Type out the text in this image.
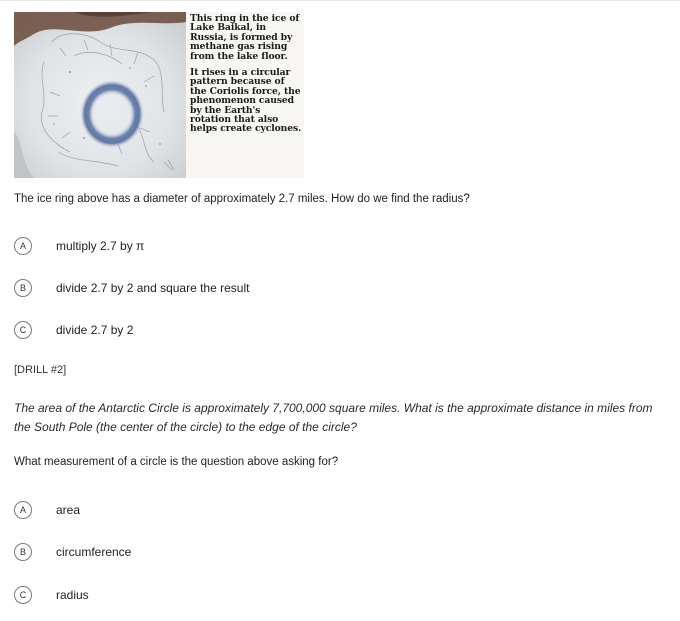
This ring in the ice of Lake Baikal, in Russia, is formed by methane gas rising from the lake floor.

It rises in a circular pattern because of the Coriolis force, the phenomenon caused by the Earth's rotation that also helps create cyclones.

The ice ring above has a diameter of approximately 2.7 miles. How do we find the radius?
A	multiply 2.7 by π
B	divide 2.7 by 2 and square the result
C	divide 2.7 by 2
[DRILL #2]
The area of the Antarctic Circle is approximately 7,700,000 square miles. What is the approximate distance in miles from the South Pole (the center of the circle) to the edge of the circle?
What measurement of a circle is the question above asking for?
A	area
B	circumference
C	radius
